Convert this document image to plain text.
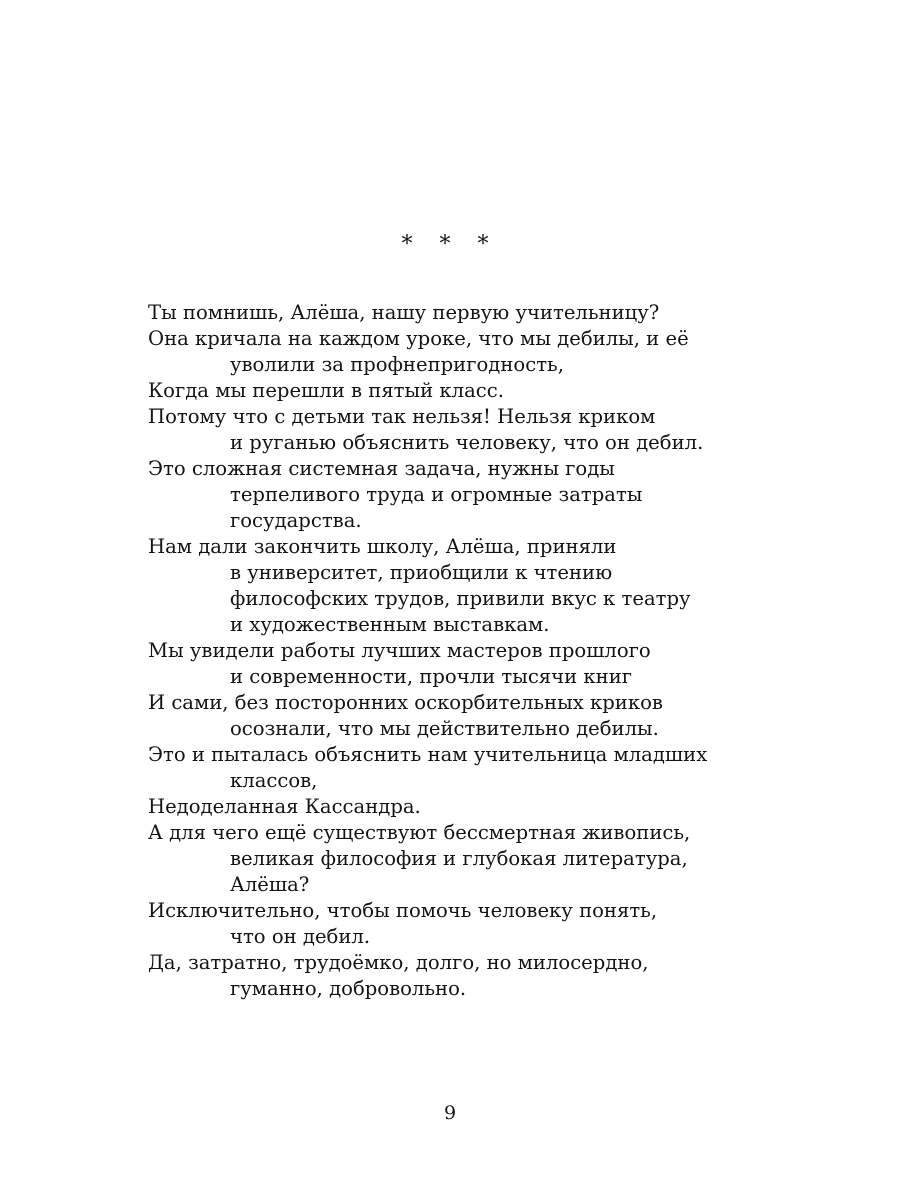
* * *
Ты помнишь, Алёша, нашу первую учительницу?
Она кричала на каждом уроке, что мы дебилы, и её
уволили за профнепригодность,
Когда мы перешли в пятый класс.
Потому что с детьми так нельзя! Нельзя криком
и руганью объяснить человеку, что он дебил.
Это сложная системная задача, нужны годы
терпеливого труда и огромные затраты
государства.
Нам дали закончить школу, Алёша, приняли
в университет, приобщили к чтению
философских трудов, привили вкус к театру
и художественным выставкам.
Мы увидели работы лучших мастеров прошлого
и современности, прочли тысячи книг
И сами, без посторонних оскорбительных криков
осознали, что мы действительно дебилы.
Это и пыталась объяснить нам учительница младших
классов,
Недоделанная Кассандра.
А для чего ещё существуют бессмертная живопись,
великая философия и глубокая литература,
Алёша?
Исключительно, чтобы помочь человеку понять,
что он дебил.
Да, затратно, трудоёмко, долго, но милосердно,
гуманно, добровольно.
9
